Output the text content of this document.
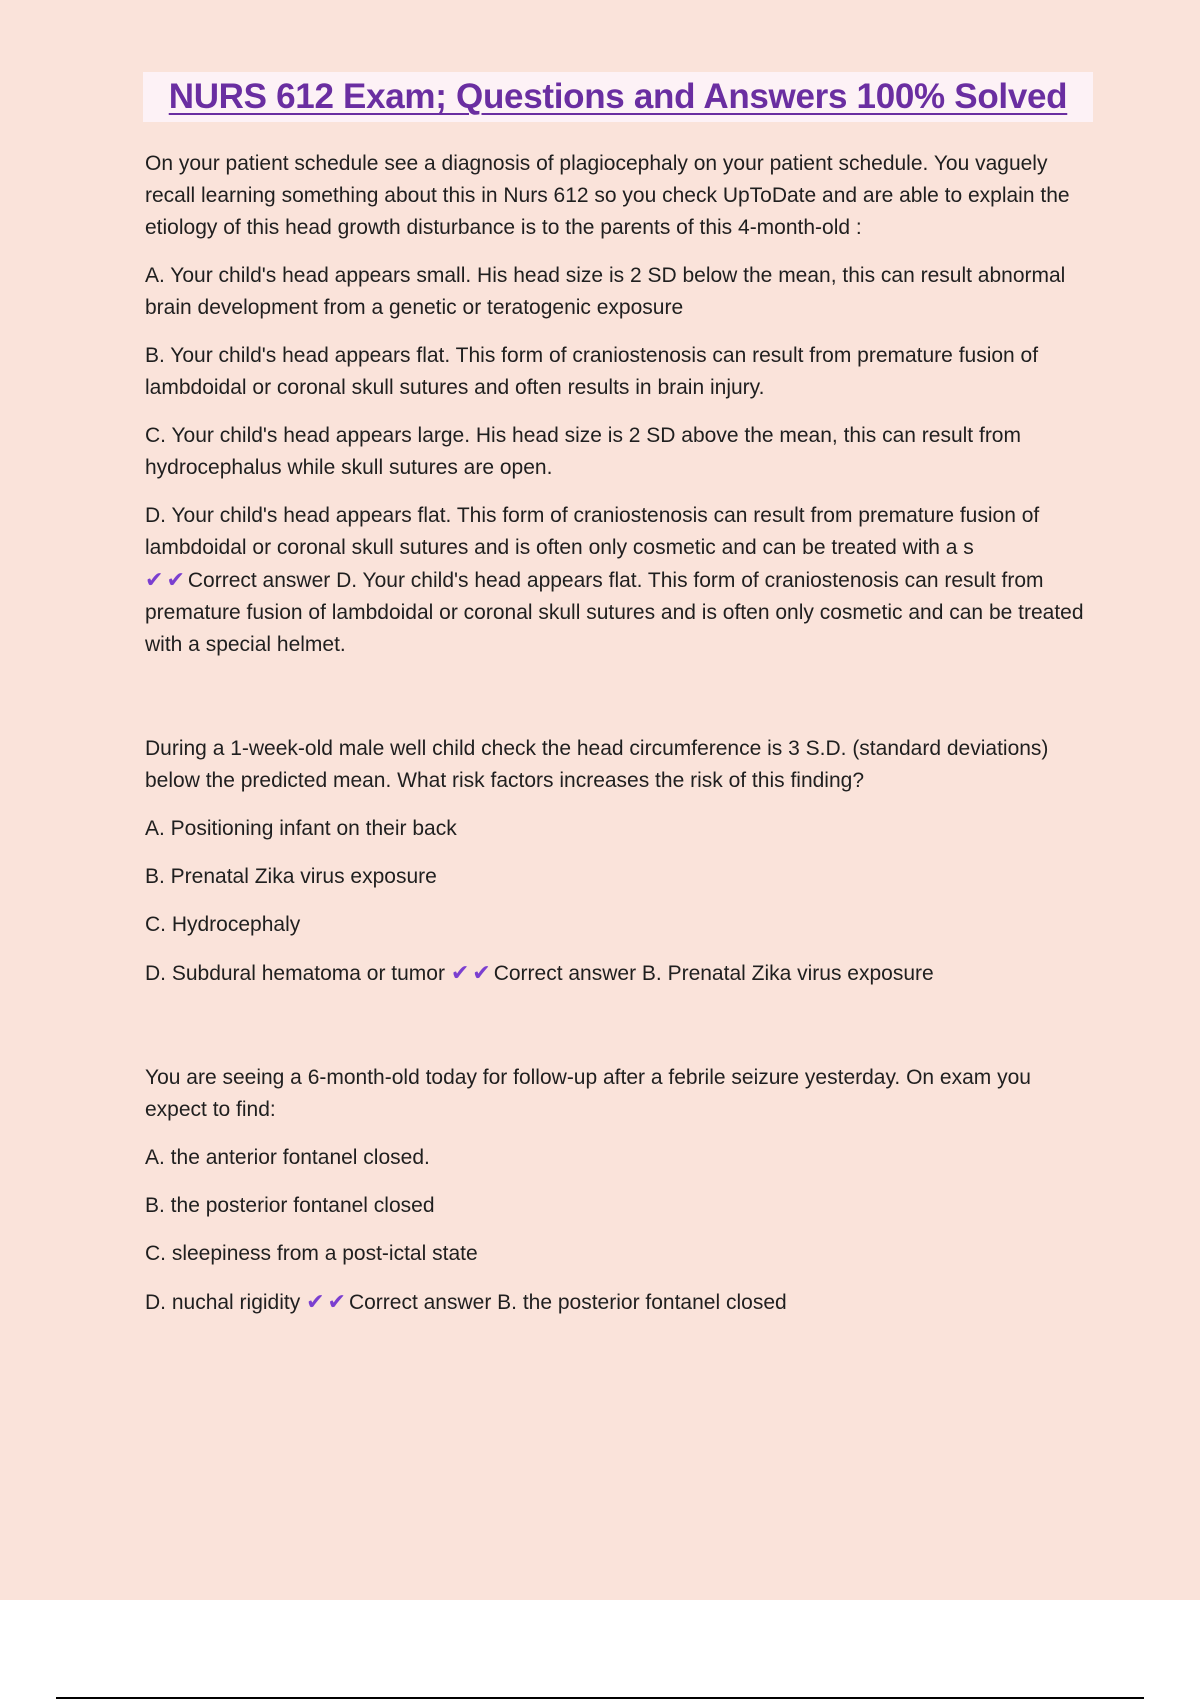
NURS 612 Exam; Questions and Answers 100% Solved

On your patient schedule see a diagnosis of plagiocephaly on your patient schedule. You vaguely recall learning something about this in Nurs 612 so you check UpToDate and are able to explain the etiology of this head growth disturbance is to the parents of this 4-month-old :

A. Your child's head appears small. His head size is 2 SD below the mean, this can result abnormal brain development from a genetic or teratogenic exposure

B. Your child's head appears flat. This form of craniostenosis can result from premature fusion of lambdoidal or coronal skull sutures and often results in brain injury.

C. Your child's head appears large. His head size is 2 SD above the mean, this can result from hydrocephalus while skull sutures are open.

D. Your child's head appears flat. This form of craniostenosis can result from premature fusion of lambdoidal or coronal skull sutures and is often only cosmetic and can be treated with a s
✔ ✔ Correct answer D. Your child's head appears flat. This form of craniostenosis can result from premature fusion of lambdoidal or coronal skull sutures and is often only cosmetic and can be treated with a special helmet.

During a 1-week-old male well child check the head circumference is 3 S.D. (standard deviations) below the predicted mean. What risk factors increases the risk of this finding?

A. Positioning infant on their back

B. Prenatal Zika virus exposure

C. Hydrocephaly

D. Subdural hematoma or tumor ✔ ✔ Correct answer B. Prenatal Zika virus exposure

You are seeing a 6-month-old today for follow-up after a febrile seizure yesterday. On exam you expect to find:

A. the anterior fontanel closed.

B. the posterior fontanel closed

C. sleepiness from a post-ictal state

D. nuchal rigidity ✔ ✔ Correct answer B. the posterior fontanel closed
